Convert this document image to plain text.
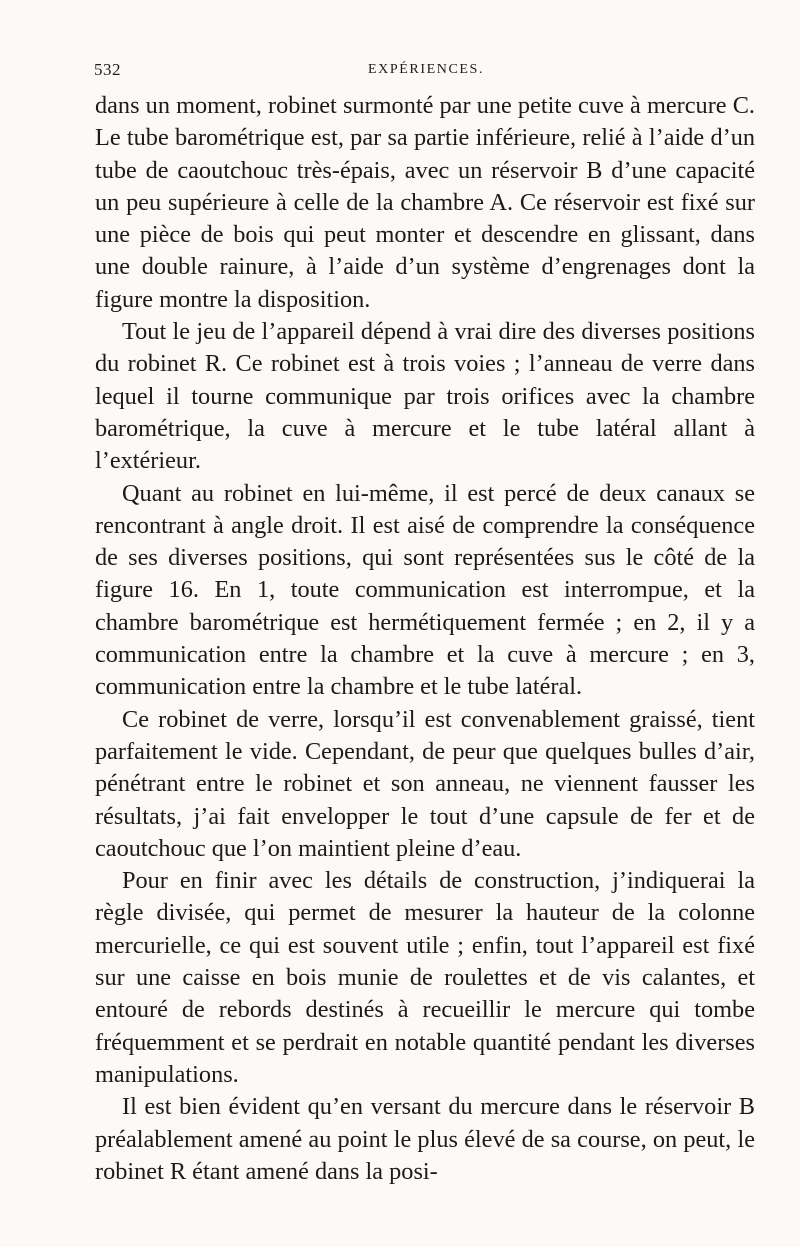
532	EXPÉRIENCES.

dans un moment, robinet surmonté par une petite cuve à mercure C. Le tube barométrique est, par sa partie inférieure, relié à l’aide d’un tube de caoutchouc très-épais, avec un réservoir B d’une capacité un peu supérieure à celle de la chambre A. Ce réservoir est fixé sur une pièce de bois qui peut monter et descendre en glissant, dans une double rainure, à l’aide d’un système d’engrenages dont la figure montre la disposition.

Tout le jeu de l’appareil dépend à vrai dire des diverses positions du robinet R. Ce robinet est à trois voies ; l’anneau de verre dans lequel il tourne communique par trois orifices avec la chambre barométrique, la cuve à mercure et le tube latéral allant à l’extérieur.

Quant au robinet en lui-même, il est percé de deux canaux se rencontrant à angle droit. Il est aisé de comprendre la conséquence de ses diverses positions, qui sont représentées sus le côté de la figure 16. En 1, toute communication est interrompue, et la chambre barométrique est hermétiquement fermée ; en 2, il y a communication entre la chambre et la cuve à mercure ; en 3, communication entre la chambre et le tube latéral.

Ce robinet de verre, lorsqu’il est convenablement graissé, tient parfaitement le vide. Cependant, de peur que quelques bulles d’air, pénétrant entre le robinet et son anneau, ne viennent fausser les résultats, j’ai fait envelopper le tout d’une capsule de fer et de caoutchouc que l’on maintient pleine d’eau.

Pour en finir avec les détails de construction, j’indiquerai la règle divisée, qui permet de mesurer la hauteur de la colonne mercurielle, ce qui est souvent utile ; enfin, tout l’appareil est fixé sur une caisse en bois munie de roulettes et de vis calantes, et entouré de rebords destinés à recueillir le mercure qui tombe fréquemment et se perdrait en notable quantité pendant les diverses manipulations.

Il est bien évident qu’en versant du mercure dans le réservoir B préalablement amené au point le plus élevé de sa course, on peut, le robinet R étant amené dans la posi-
